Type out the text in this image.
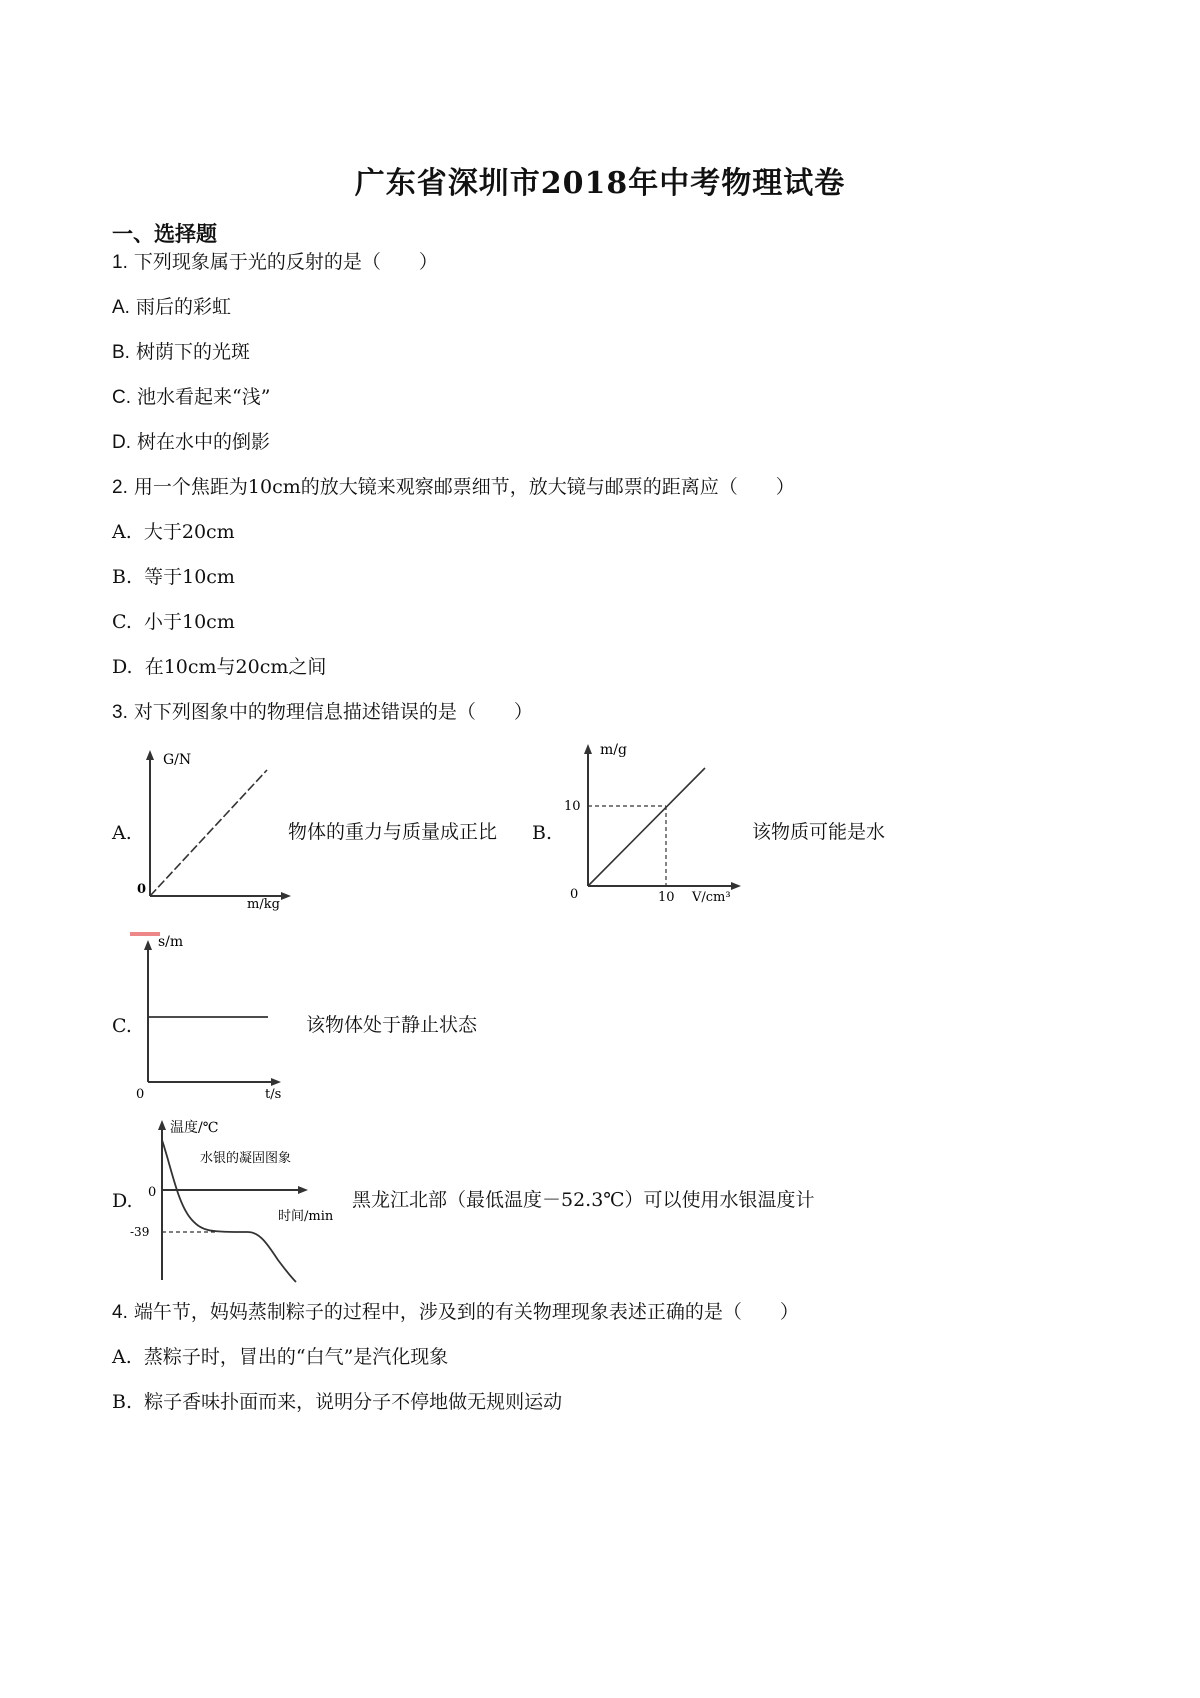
广东省深圳市2018年中考物理试卷
一、选择题
1. 下列现象属于光的反射的是（　　）
A. 雨后的彩虹
B. 树荫下的光斑
C. 池水看起来“浅”
D. 树在水中的倒影
2. 用一个焦距为10cm的放大镜来观察邮票细节，放大镜与邮票的距离应（　　）
A. 大于20cm
B. 等于10cm
C. 小于10cm
D. 在10cm与20cm之间
3. 对下列图象中的物理信息描述错误的是（　　）
A.
G/N
m/kg
0
物体的重力与质量成正比 B.
m/g
10
10 V/cm³
0
该物质可能是水
C.
s/m
t/s
0
该物体处于静止状态
D.
温度/℃
水银的凝固图象
0
时间/min
-39
黑龙江北部（最低温度－52.3℃）可以使用水银温度计
4. 端午节，妈妈蒸制粽子的过程中，涉及到的有关物理现象表述正确的是（　　）
A. 蒸粽子时，冒出的“白气”是汽化现象
B. 粽子香味扑面而来，说明分子不停地做无规则运动
